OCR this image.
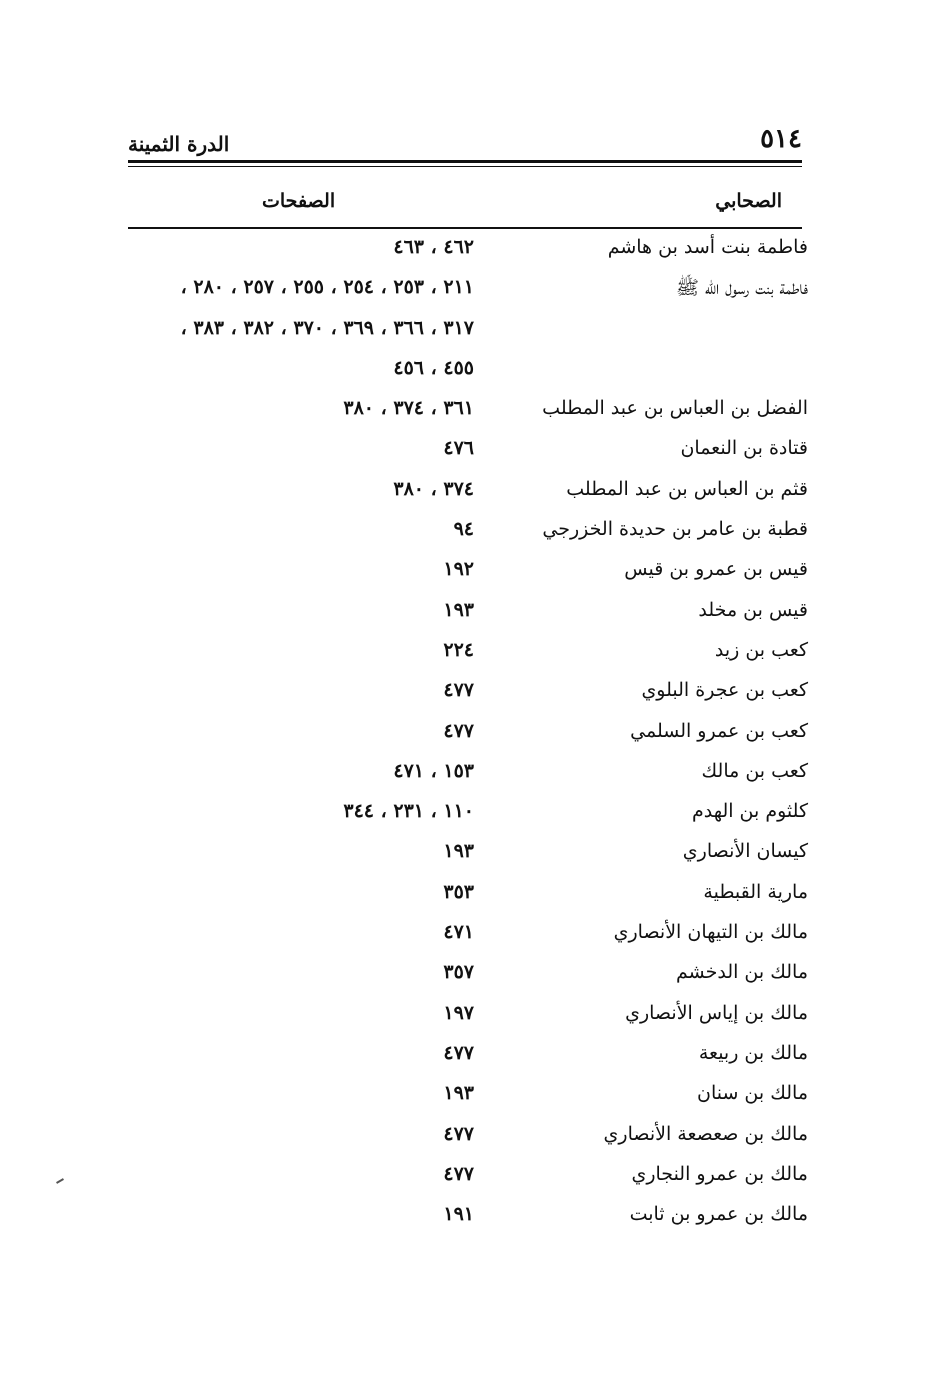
٥١٤
الدرة الثمينة
الصحابي
الصفحات
فاطمة بنت أسد بن هاشم
٤٦٢ ، ٤٦٣
فاطمة بنت رسول الله ﷺ
٢١١ ، ٢٥٣ ، ٢٥٤ ، ٢٥٥ ، ٢٥٧ ، ٢٨٠ ،
٣١٧ ، ٣٦٦ ، ٣٦٩ ، ٣٧٠ ، ٣٨٢ ، ٣٨٣ ،
٤٥٥ ، ٤٥٦
الفضل بن العباس بن عبد المطلب
٣٦١ ، ٣٧٤ ، ٣٨٠
قتادة بن النعمان
٤٧٦
قثم بن العباس بن عبد المطلب
٣٧٤ ، ٣٨٠
قطبة بن عامر بن حديدة الخزرجي
٩٤
قيس بن عمرو بن قيس
١٩٢
قيس بن مخلد
١٩٣
كعب بن زيد
٢٢٤
كعب بن عجرة البلوي
٤٧٧
كعب بن عمرو السلمي
٤٧٧
كعب بن مالك
١٥٣ ، ٤٧١
كلثوم بن الهدم
١١٠ ، ٢٣١ ، ٣٤٤
كيسان الأنصاري
١٩٣
مارية القبطية
٣٥٣
مالك بن التيهان الأنصاري
٤٧١
مالك بن الدخشم
٣٥٧
مالك بن إياس الأنصاري
١٩٧
مالك بن ربيعة
٤٧٧
مالك بن سنان
١٩٣
مالك بن صعصعة الأنصاري
٤٧٧
مالك بن عمرو النجاري
٤٧٧
مالك بن عمرو بن ثابت
١٩١
